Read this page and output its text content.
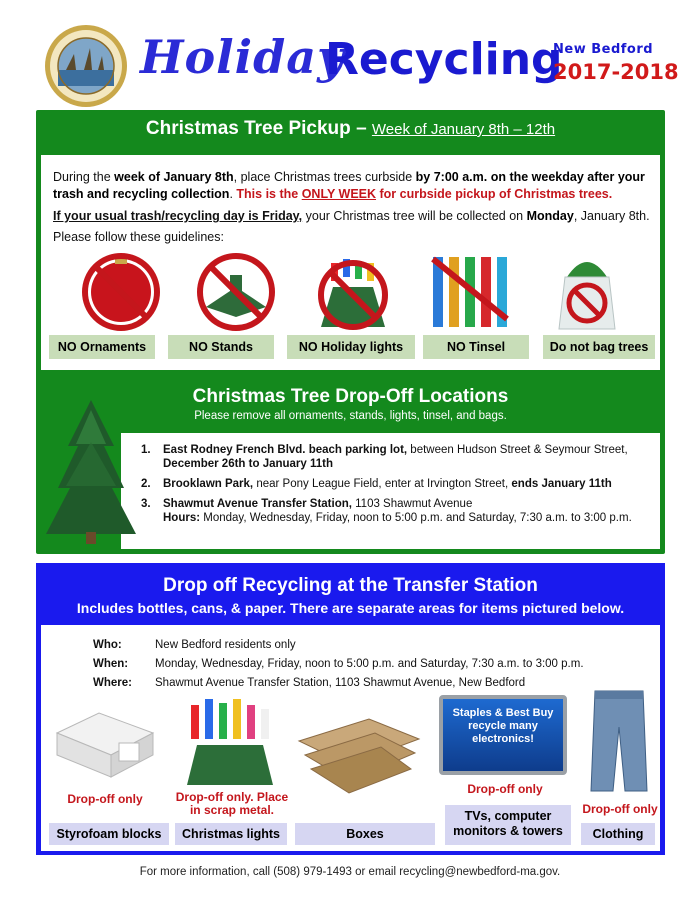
Holiday
Recycling
New Bedford
2017-2018
Christmas Tree Pickup – Week of January 8th – 12th
During the week of January 8th, place Christmas trees curbside by 7:00 a.m. on the weekday after your trash and recycling collection. This is the ONLY WEEK for curbside pickup of Christmas trees.
If your usual trash/recycling day is Friday, your Christmas tree will be collected on Monday, January 8th.
Please follow these guidelines:
NO Ornaments	NO Stands	NO Holiday lights	NO Tinsel	Do not bag trees
Christmas Tree Drop-Off Locations
Please remove all ornaments, stands, lights, tinsel, and bags.
1. East Rodney French Blvd. beach parking lot, between Hudson Street & Seymour Street, December 26th to January 11th
2. Brooklawn Park, near Pony League Field, enter at Irvington Street, ends January 11th
3. Shawmut Avenue Transfer Station, 1103 Shawmut Avenue
Hours: Monday, Wednesday, Friday, noon to 5:00 p.m. and Saturday, 7:30 a.m. to 3:00 p.m.
Drop off Recycling at the Transfer Station
Includes bottles, cans, & paper. There are separate areas for items pictured below.
Who:	New Bedford residents only
When:	Monday, Wednesday, Friday, noon to 5:00 p.m. and Saturday, 7:30 a.m. to 3:00 p.m.
Where:	Shawmut Avenue Transfer Station, 1103 Shawmut Avenue, New Bedford
Drop-off only
Styrofoam blocks
Drop-off only. Place in scrap metal.
Christmas lights	Boxes
Staples & Best Buy recycle many electronics!
Drop-off only
TVs, computer monitors & towers
Drop-off only
Clothing
For more information, call (508) 979-1493 or email recycling@newbedford-ma.gov.
